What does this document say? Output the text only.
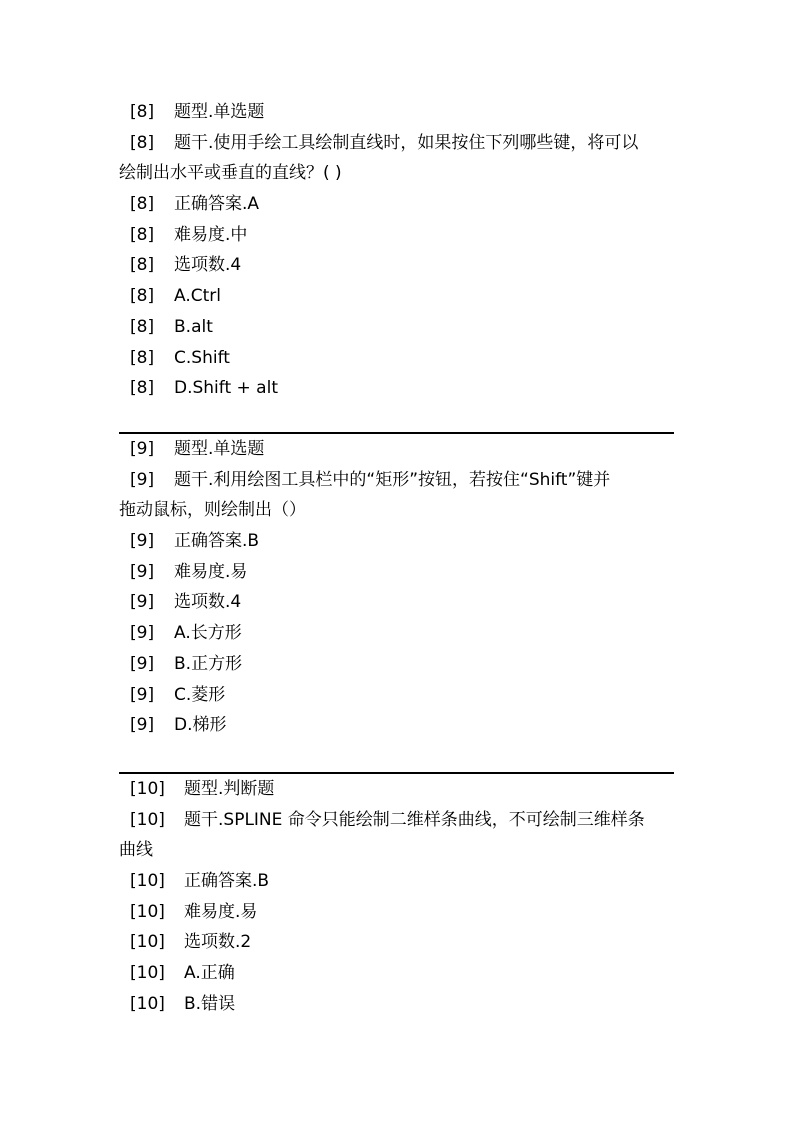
[8] 题型.单选题
[8] 题干.使用手绘工具绘制直线时，如果按住下列哪些键，将可以
绘制出水平或垂直的直线？( )
[8] 正确答案.A
[8] 难易度.中
[8] 选项数.4
[8] A.Ctrl
[8] B.alt
[8] C.Shift
[8] D.Shift + alt
[9] 题型.单选题
[9] 题干.利用绘图工具栏中的“矩形”按钮，若按住“Shift”键并
拖动鼠标，则绘制出（）
[9] 正确答案.B
[9] 难易度.易
[9] 选项数.4
[9] A.长方形
[9] B.正方形
[9] C.菱形
[9] D.梯形
[10] 题型.判断题
[10] 题干.SPLINE 命令只能绘制二维样条曲线，不可绘制三维样条
曲线
[10] 正确答案.B
[10] 难易度.易
[10] 选项数.2
[10] A.正确
[10] B.错误
